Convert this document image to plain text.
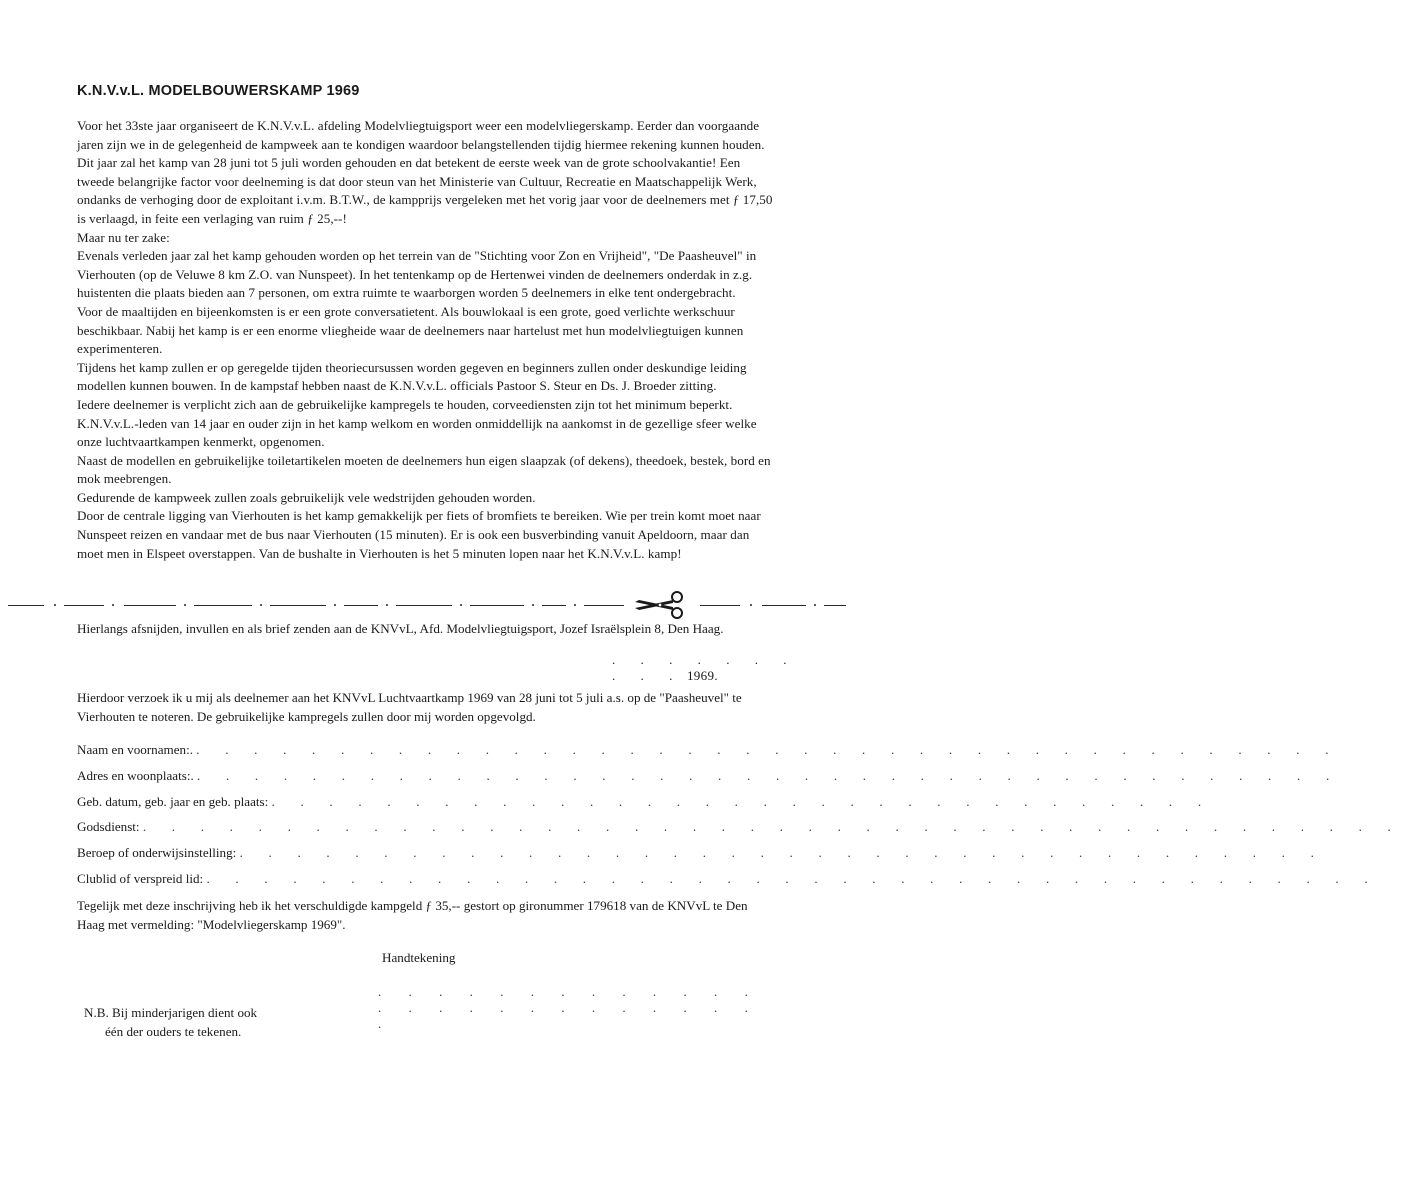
K.N.V.v.L. MODELBOUWERSKAMP 1969

Voor het 33ste jaar organiseert de K.N.V.v.L. afdeling Modelvliegtuigsport weer een modelvliegerskamp. Eerder dan voorgaande jaren zijn we in de gelegenheid de kampweek aan te kondigen waardoor belangstellenden tijdig hiermee rekening kunnen houden. Dit jaar zal het kamp van 28 juni tot 5 juli worden gehouden en dat betekent de eerste week van de grote schoolvakantie! Een tweede belangrijke factor voor deelneming is dat door steun van het Ministerie van Cultuur, Recreatie en Maatschappelijk Werk, ondanks de verhoging door de exploitant i.v.m. B.T.W., de kampprijs vergeleken met het vorig jaar voor de deelnemers met ƒ 17,50 is verlaagd, in feite een verlaging van ruim ƒ 25,--!

Maar nu ter zake:

Evenals verleden jaar zal het kamp gehouden worden op het terrein van de "Stichting voor Zon en Vrijheid", "De Paasheuvel" in Vierhouten (op de Veluwe 8 km Z.O. van Nunspeet). In het tentenkamp op de Hertenwei vinden de deelnemers onderdak in z.g. huistenten die plaats bieden aan 7 personen, om extra ruimte te waarborgen worden 5 deelnemers in elke tent ondergebracht.

Voor de maaltijden en bijeenkomsten is er een grote conversatietent. Als bouwlokaal is een grote, goed verlichte werkschuur beschikbaar. Nabij het kamp is er een enorme vliegheide waar de deelnemers naar hartelust met hun modelvliegtuigen kunnen experimenteren.

Tijdens het kamp zullen er op geregelde tijden theoriecursussen worden gegeven en beginners zullen onder deskundige leiding modellen kunnen bouwen. In de kampstaf hebben naast de K.N.V.v.L. officials Pastoor S. Steur en Ds. J. Broeder zitting.

Iedere deelnemer is verplicht zich aan de gebruikelijke kampregels te houden, corveediensten zijn tot het minimum beperkt. K.N.V.v.L.-leden van 14 jaar en ouder zijn in het kamp welkom en worden onmiddellijk na aankomst in de gezellige sfeer welke onze luchtvaartkampen kenmerkt, opgenomen.

Naast de modellen en gebruikelijke toiletartikelen moeten de deelnemers hun eigen slaapzak (of dekens), theedoek, bestek, bord en mok meebrengen.

Gedurende de kampweek zullen zoals gebruikelijk vele wedstrijden gehouden worden.

Door de centrale ligging van Vierhouten is het kamp gemakkelijk per fiets of bromfiets te bereiken. Wie per trein komt moet naar Nunspeet reizen en vandaar met de bus naar Vierhouten (15 minuten). Er is ook een busverbinding vanuit Apeldoorn, maar dan moet men in Elspeet overstappen. Van de bushalte in Vierhouten is het 5 minuten lopen naar het K.N.V.v.L. kamp!

Hierlangs afsnijden, invullen en als brief zenden aan de KNVvL, Afd. Modelvliegtuigsport, Jozef Israëlsplein 8, Den Haag.
. . . . . . . . . . 1969.
Hierdoor verzoek ik u mij als deelnemer aan het KNVvL Luchtvaartkamp 1969 van 28 juni tot 5 juli a.s. op de "Paasheuvel" te Vierhouten te noteren. De gebruikelijke kampregels zullen door mij worden opgevolgd.
Naam en voornamen:. . . . . . . . . . . . . . . . . . . . . . . . . . . . . . . . . . . . . . . . .
Adres en woonplaats:. . . . . . . . . . . . . . . . . . . . . . . . . . . . . . . . . . . . . . . . .
Geb. datum, geb. jaar en geb. plaats: . . . . . . . . . . . . . . . . . . . . . . . . . . . . . . . . .
Godsdienst: . . . . . . . . . . . . . . . . . . . . . . . . . . . . . . . . . . . . . . . . . . . .
Beroep of onderwijsinstelling: . . . . . . . . . . . . . . . . . . . . . . . . . . . . . . . . . . . . . .
Clublid of verspreid lid: . . . . . . . . . . . . . . . . . . . . . . . . . . . . . . . . . . . . . . . . .
Tegelijk met deze inschrijving heb ik het verschuldigde kampgeld ƒ 35,-- gestort op gironummer 179618 van de KNVvL te Den Haag met vermelding: "Modelvliegerskamp 1969".
Handtekening
. . . . . . . . . . . . . . . . . . . . . . . . . . .
N.B. Bij minderjarigen dient ook
één der ouders te tekenen.
